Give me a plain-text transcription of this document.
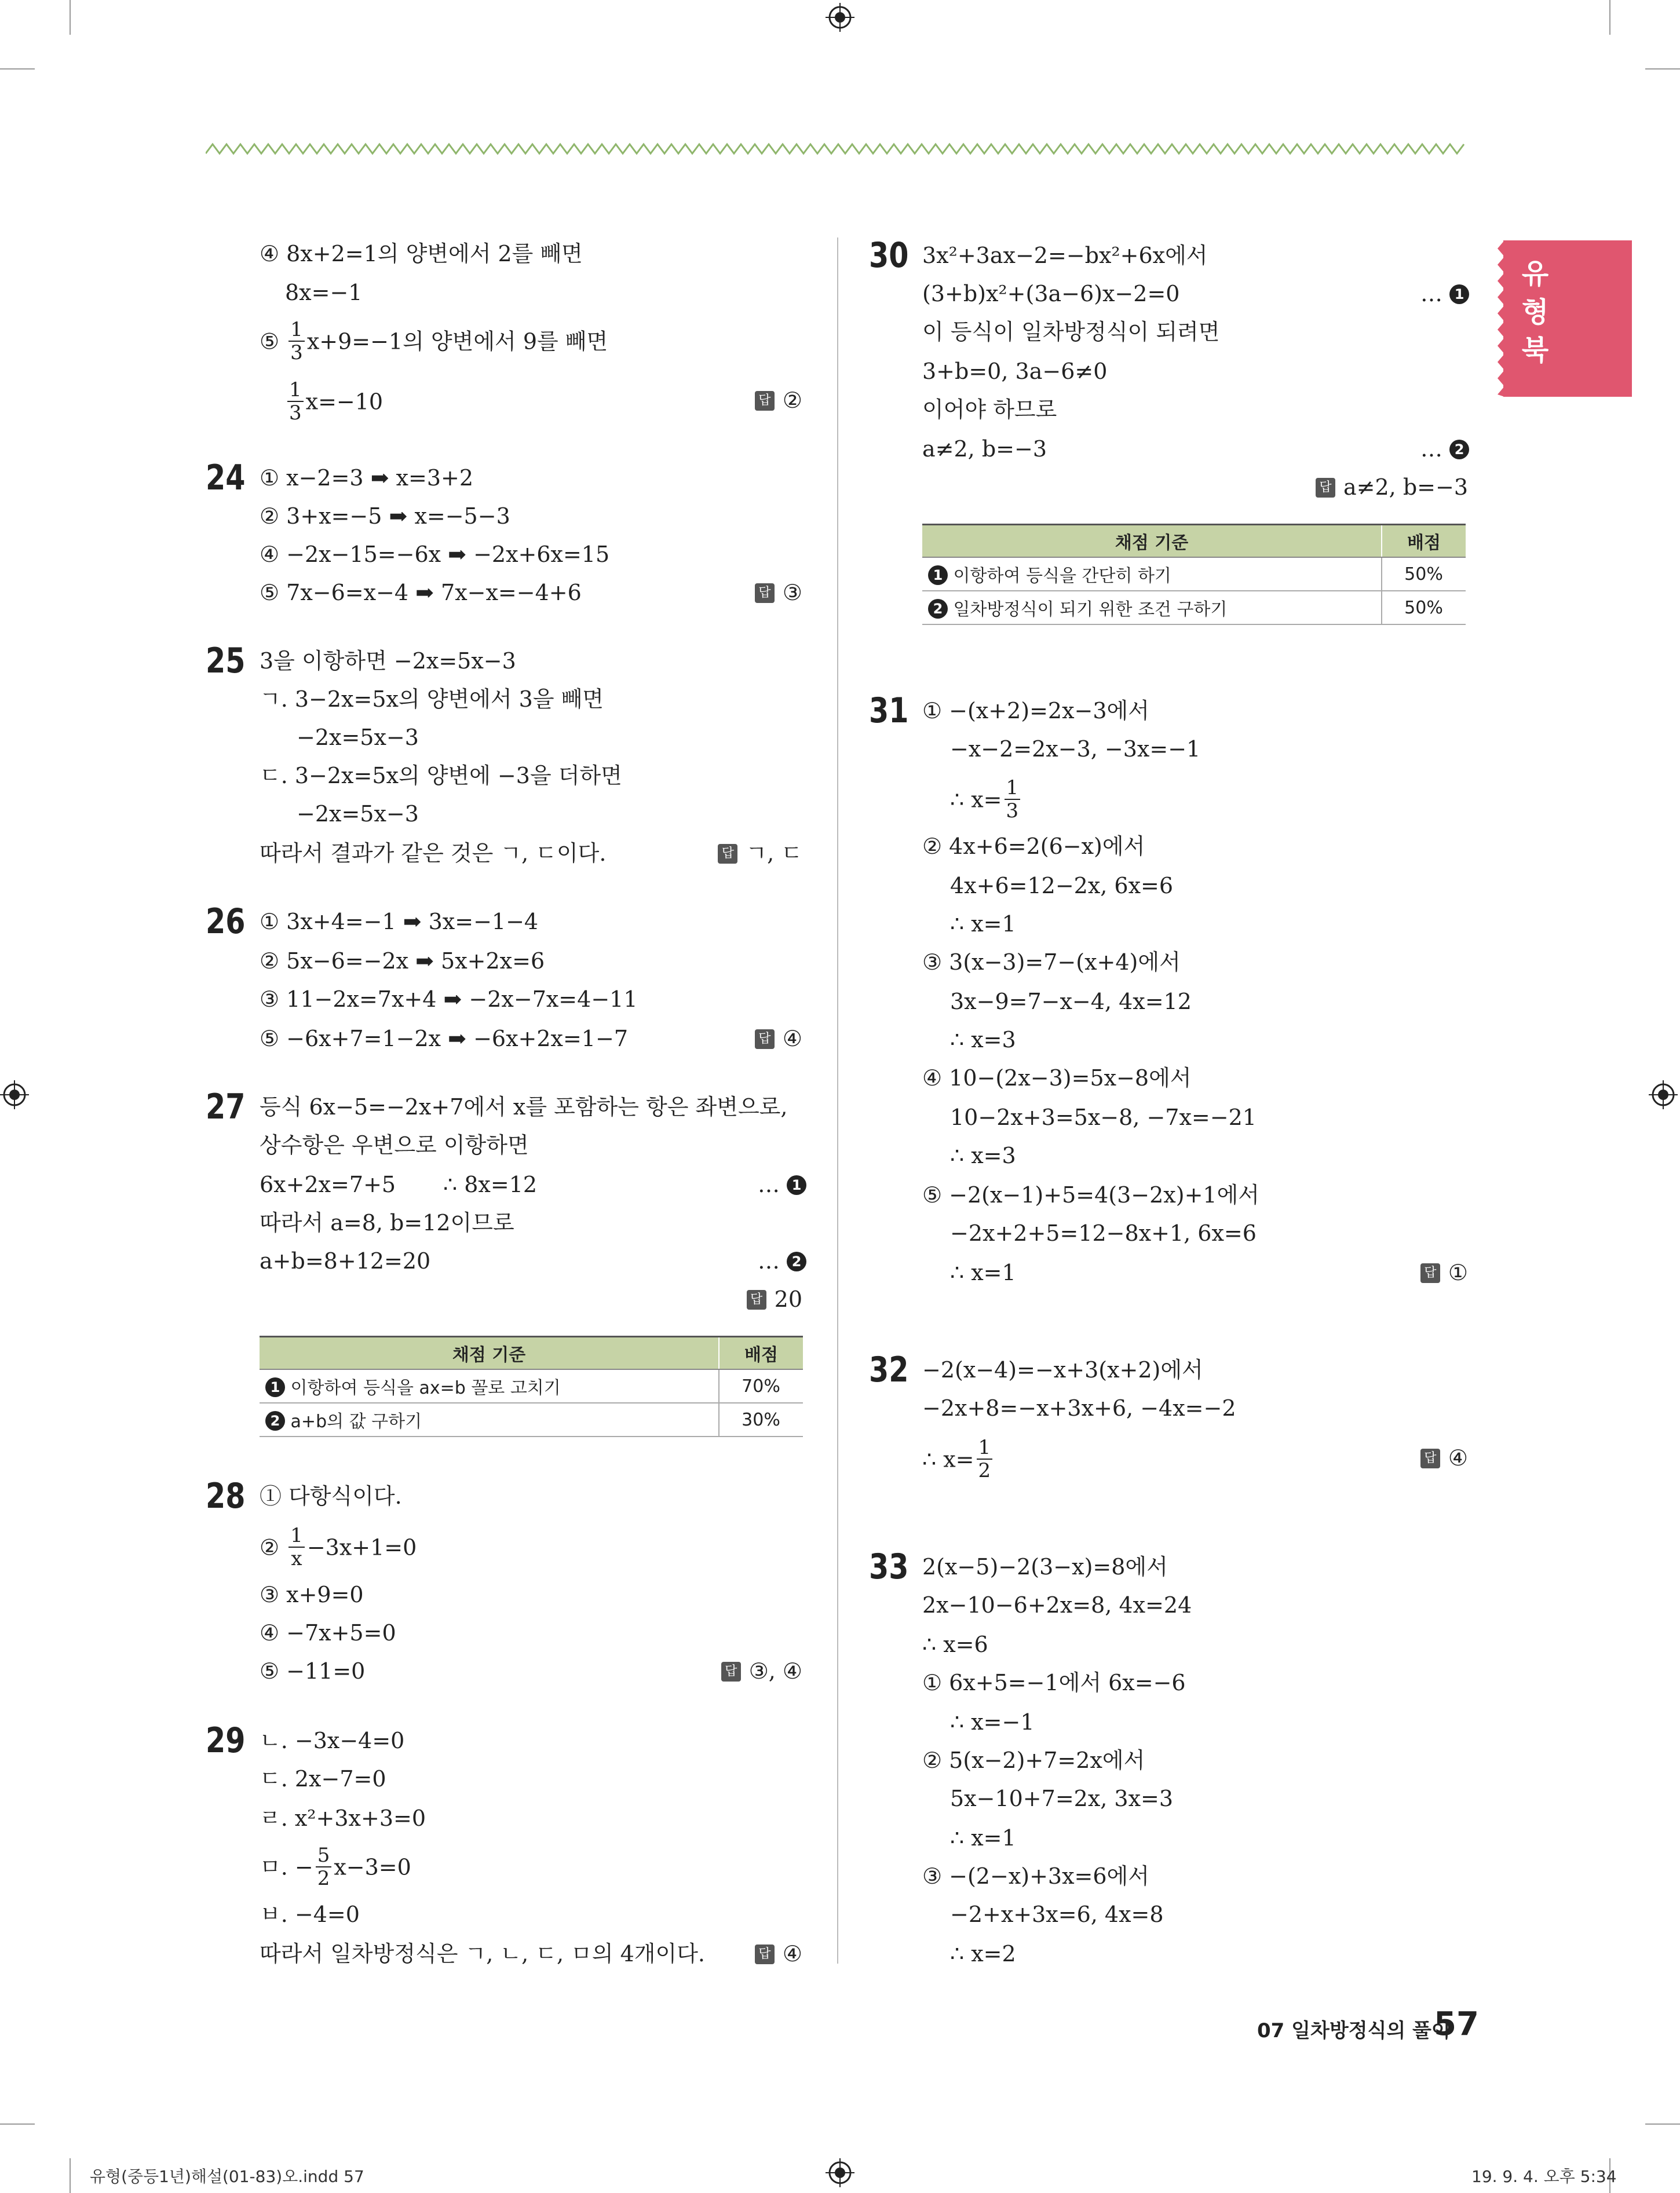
유형북
④ 8x+2=1의 양변에서 2를 빼면
8x=−1
⑤ $\frac{1}{3} x+9=-1$의 양변에서 9를 빼면
$\frac{1}{3} x=-10$	답 ②
24 ① x−2=3 ➡ x=3+2
② 3+x=−5 ➡ x=−5−3
④ −2x−15=−6x ➡ −2x+6x=15
⑤ 7x−6=x−4 ➡ 7x−x=−4+6	답 ③
25 3을 이항하면 −2x=5x−3
ㄱ. 3−2x=5x의 양변에서 3을 빼면
−2x=5x−3
ㄷ. 3−2x=5x의 양변에 −3을 더하면
−2x=5x−3
따라서 결과가 같은 것은 ㄱ, ㄷ이다.	답 ㄱ, ㄷ
26 ① 3x+4=−1 ➡ 3x=−1−4
② 5x−6=−2x ➡ 5x+2x=6
③ 11−2x=7x+4 ➡ −2x−7x=4−11
⑤ −6x+7=1−2x ➡ −6x+2x=1−7	답 ④
27 등식 6x−5=−2x+7에서 x를 포함하는 항은 좌변으로,
상수항은 우변으로 이항하면
6x+2x=7+5 ∴ 8x=12	… 1
따라서 a=8, b=12이므로
a+b=8+12=20	… 2
답 20
채점 기준	배점
1 이항하여 등식을 ax=b 꼴로 고치기	70%
2 a+b의 값 구하기	30%
28 ① 다항식이다.
② $\frac{1}{x} -3x+1=0$
③ x+9=0
④ −7x+5=0
⑤ −11=0	답 ③, ④
29 ㄴ. −3x−4=0
ㄷ. 2x−7=0
ㄹ. x²+3x+3=0
ㅁ. − $\frac{5}{2} x-3=0$
ㅂ. −4=0
따라서 일차방정식은 ㄱ, ㄴ, ㄷ, ㅁ의 4개이다.	답 ④
30 3x²+3ax−2=−bx²+6x에서
(3+b)x²+(3a−6)x−2=0	… 1
이 등식이 일차방정식이 되려면
3+b=0, 3a−6≠0
이어야 하므로
a≠2, b=−3	… 2
답 a≠2, b=−3
채점 기준	배점
1 이항하여 등식을 간단히 하기	50%
2 일차방정식이 되기 위한 조건 구하기	50%
31 ① −(x+2)=2x−3에서
−x−2=2x−3, −3x=−1
∴ $x= \frac{1}{3}$
② 4x+6=2(6−x)에서
4x+6=12−2x, 6x=6
∴ x=1
③ 3(x−3)=7−(x+4)에서
3x−9=7−x−4, 4x=12
∴ x=3
④ 10−(2x−3)=5x−8에서
10−2x+3=5x−8, −7x=−21
∴ x=3
⑤ −2(x−1)+5=4(3−2x)+1에서
−2x+2+5=12−8x+1, 6x=6
∴ x=1	답 ①
32 −2(x−4)=−x+3(x+2)에서
−2x+8=−x+3x+6, −4x=−2
∴ $x= \frac{1}{2}$	답 ④
33 2(x−5)−2(3−x)=8에서
2x−10−6+2x=8, 4x=24
∴ x=6
① 6x+5=−1에서 6x=−6
∴ x=−1
② 5(x−2)+7=2x에서
5x−10+7=2x, 3x=3
∴ x=1
③ −(2−x)+3x=6에서
−2+x+3x=6, 4x=8
∴ x=2
07 일차방정식의 풀이
57
유형(중등1년)해설(01-83)오.indd 57	19. 9. 4. 오후 5:34
